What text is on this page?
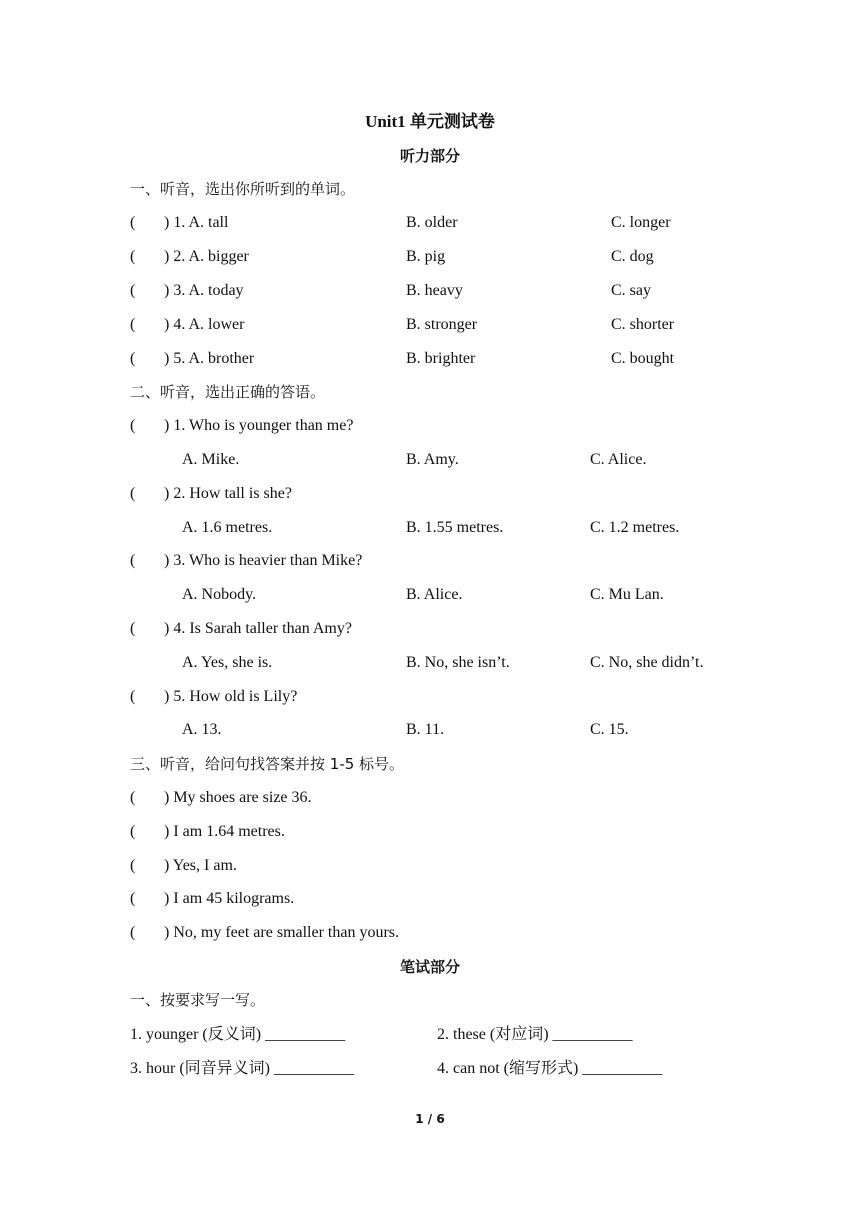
Unit1 单元测试卷
听力部分
一、听音，选出你所听到的单词。
( ) 1. A. tall	B. older	C. longer
( ) 2. A. bigger	B. pig	C. dog
( ) 3. A. today	B. heavy	C. say
( ) 4. A. lower	B. stronger	C. shorter
( ) 5. A. brother	B. brighter	C. bought
二、听音，选出正确的答语。
( ) 1. Who is younger than me?
A. Mike.	B. Amy.	C. Alice.
( ) 2. How tall is she?
A. 1.6 metres.	B. 1.55 metres.	C. 1.2 metres.
( ) 3. Who is heavier than Mike?
A. Nobody.	B. Alice.	C. Mu Lan.
( ) 4. Is Sarah taller than Amy?
A. Yes, she is.	B. No, she isn’t.	C. No, she didn’t.
( ) 5. How old is Lily?
A. 13.	B. 11.	C. 15.
三、听音，给问句找答案并按 1-5 标号。
( ) My shoes are size 36.
( ) I am 1.64 metres.
( ) Yes, I am.
( ) I am 45 kilograms.
( ) No, my feet are smaller than yours.
笔试部分
一、按要求写一写。
1. younger (反义词) __________	2. these (对应词) __________
3. hour (同音异义词) __________	4. can not (缩写形式) __________
1 / 6
